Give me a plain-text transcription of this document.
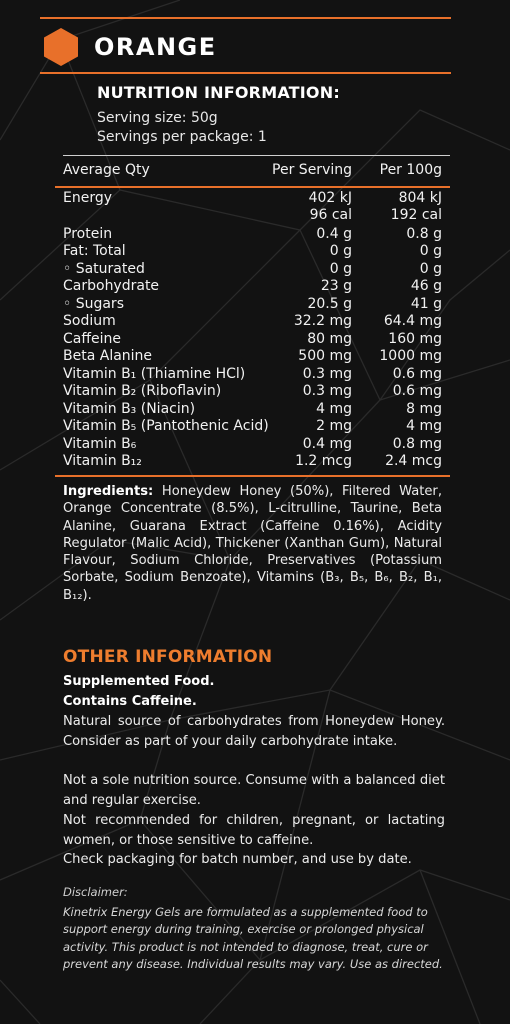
ORANGE
NUTRITION INFORMATION:
Serving size: 50g
Servings per package: 1
Average Qty	Per Serving Per 100g
Energy	402 kJ	804 kJ
96 cal	192 cal
Protein	0.4 g	0.8 g
Fat: Total	0 g	0 g
◦ Saturated	0 g	0 g
Carbohydrate	23 g	46 g
◦ Sugars	20.5 g	41 g
Sodium	32.2 mg 64.4 mg
Caffeine	80 mg	160 mg
Beta Alanine	500 mg 1000 mg
Vitamin B₁ (Thiamine HCl)	0.3 mg	0.6 mg
Vitamin B₂ (Riboflavin)	0.3 mg	0.6 mg
Vitamin B₃ (Niacin)	4 mg	8 mg
Vitamin B₅ (Pantothenic Acid)	2 mg	4 mg
Vitamin B₆	0.4 mg	0.8 mg
Vitamin B₁₂	1.2 mcg 2.4 mcg
Ingredients: Honeydew Honey (50%), Filtered Water, Orange Concentrate (8.5%), L-citrulline, Taurine, Beta Alanine, Guarana Extract (Caffeine 0.16%), Acidity Regulator (Malic Acid), Thickener (Xanthan Gum), Natural Flavour, Sodium Chloride, Preservatives (Potassium Sorbate, Sodium Benzoate), Vitamins (B₃, B₅, B₆, B₂, B₁, B₁₂).
OTHER INFORMATION
Supplemented Food.
Contains Caffeine.
Natural source of carbohydrates from Honeydew Honey. Consider as part of your daily carbohydrate intake.
Not a sole nutrition source. Consume with a balanced diet and regular exercise.
Not recommended for children, pregnant, or lactating women, or those sensitive to caffeine.
Check packaging for batch number, and use by date.
Disclaimer:
Kinetrix Energy Gels are formulated as a supplemented food to support energy during training, exercise or prolonged physical activity. This product is not intended to diagnose, treat, cure or prevent any disease. Individual results may vary. Use as directed.
